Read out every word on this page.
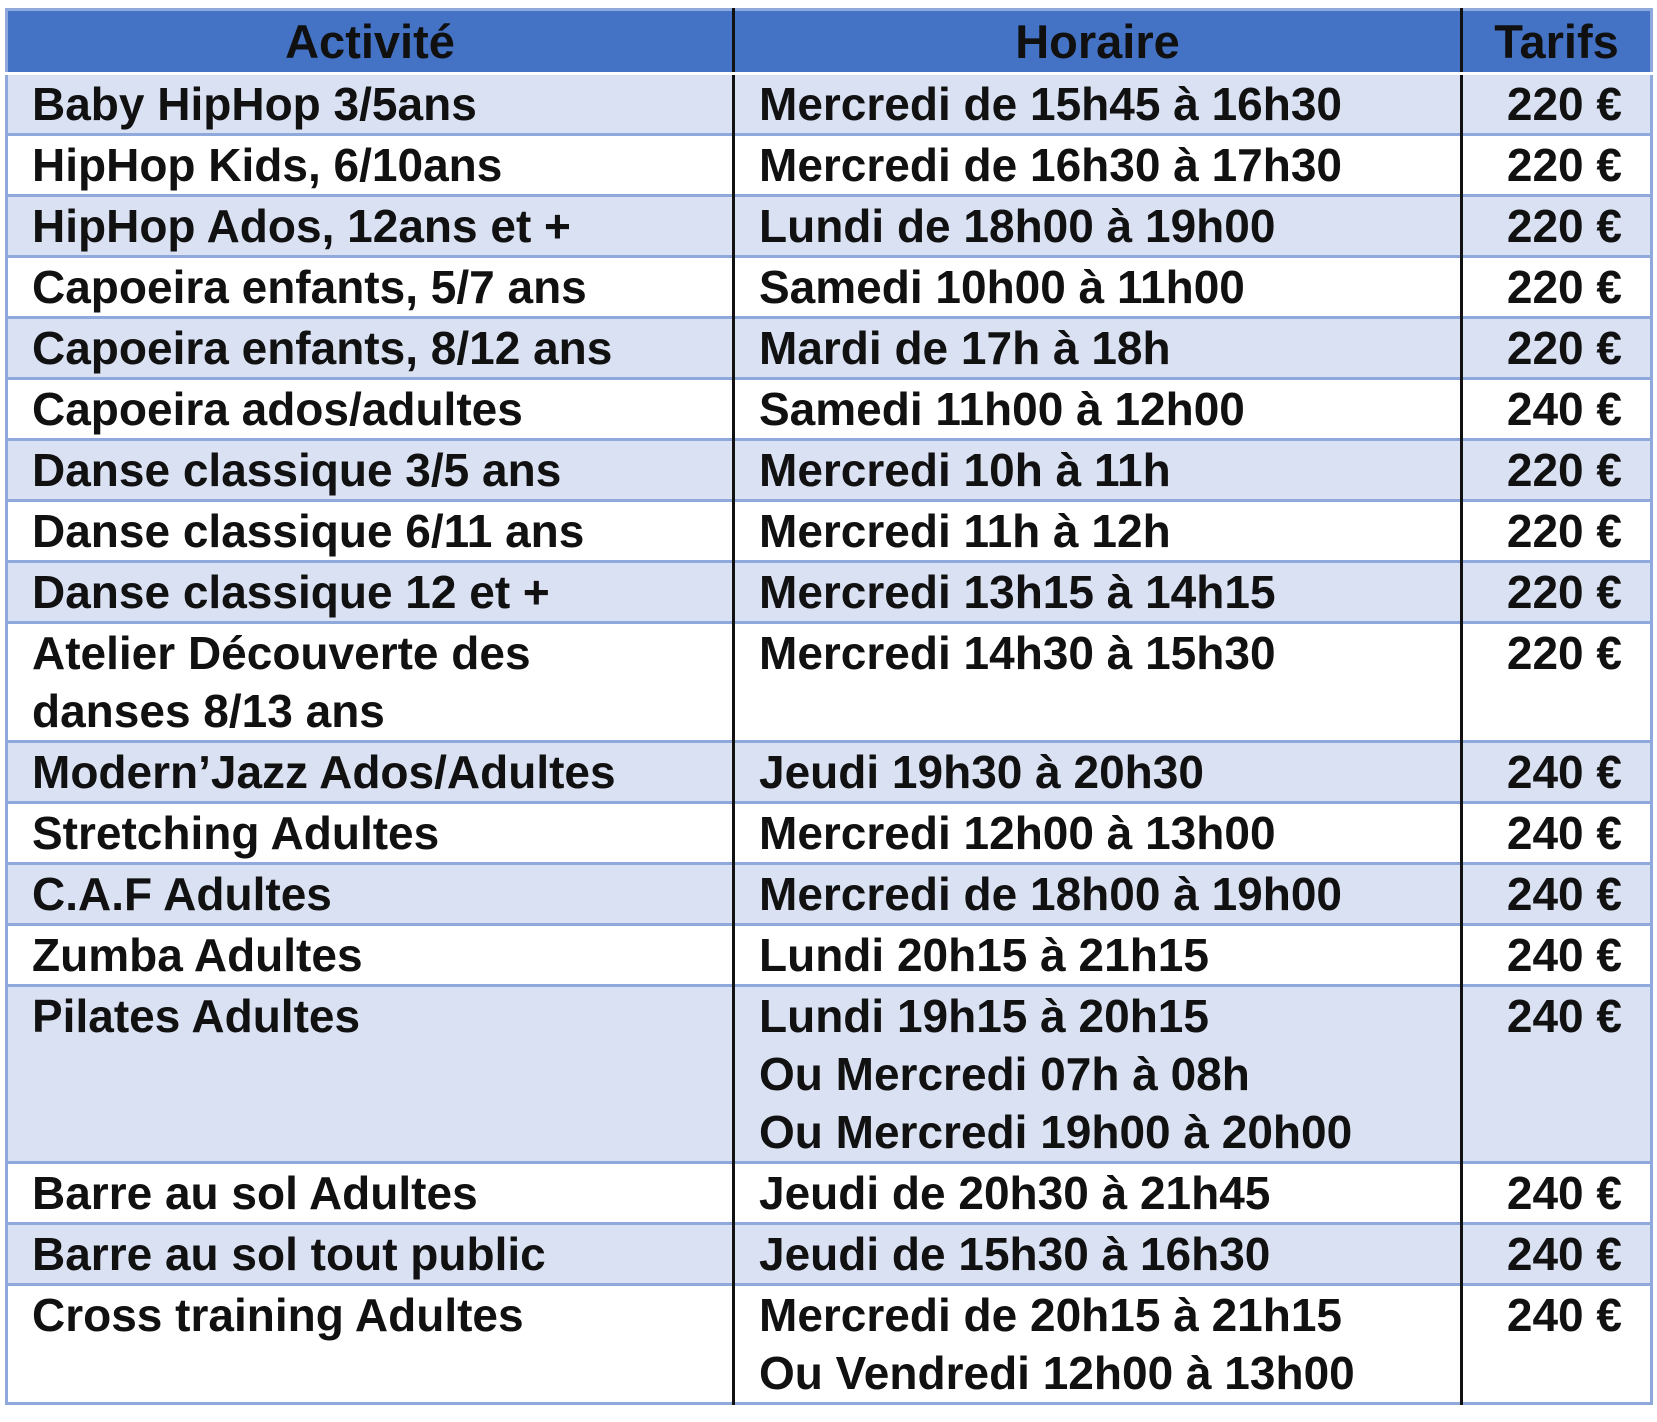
Activité	Horaire	Tarifs

Baby HipHop 3/5ans	Mercredi de 15h45 à 16h30	220 €

HipHop Kids, 6/10ans	Mercredi de 16h30 à 17h30	220 €

HipHop Ados, 12ans et +	Lundi de 18h00 à 19h00	220 €

Capoeira enfants, 5/7 ans	Samedi 10h00 à 11h00	220 €

Capoeira enfants, 8/12 ans	Mardi de 17h à 18h	220 €

Capoeira ados/adultes	Samedi 11h00 à 12h00	240 €

Danse classique 3/5 ans	Mercredi 10h à 11h	220 €

Danse classique 6/11 ans	Mercredi 11h à 12h	220 €

Danse classique 12 et +	Mercredi 13h15 à 14h15	220 €

Atelier Découverte des
danses 8/13 ans	Mercredi 14h30 à 15h30	220 €

Modern’Jazz Ados/Adultes	Jeudi 19h30 à 20h30	240 €

Stretching Adultes	Mercredi 12h00 à 13h00	240 €

C.A.F Adultes	Mercredi de 18h00 à 19h00	240 €

Zumba Adultes	Lundi 20h15 à 21h15	240 €

Pilates Adultes	Lundi 19h15 à 20h15
Ou Mercredi 07h à 08h
Ou Mercredi 19h00 à 20h00	240 €

Barre au sol Adultes	Jeudi de 20h30 à 21h45	240 €

Barre au sol tout public	Jeudi de 15h30 à 16h30	240 €

Cross training Adultes	Mercredi de 20h15 à 21h15
Ou Vendredi 12h00 à 13h00	240 €
